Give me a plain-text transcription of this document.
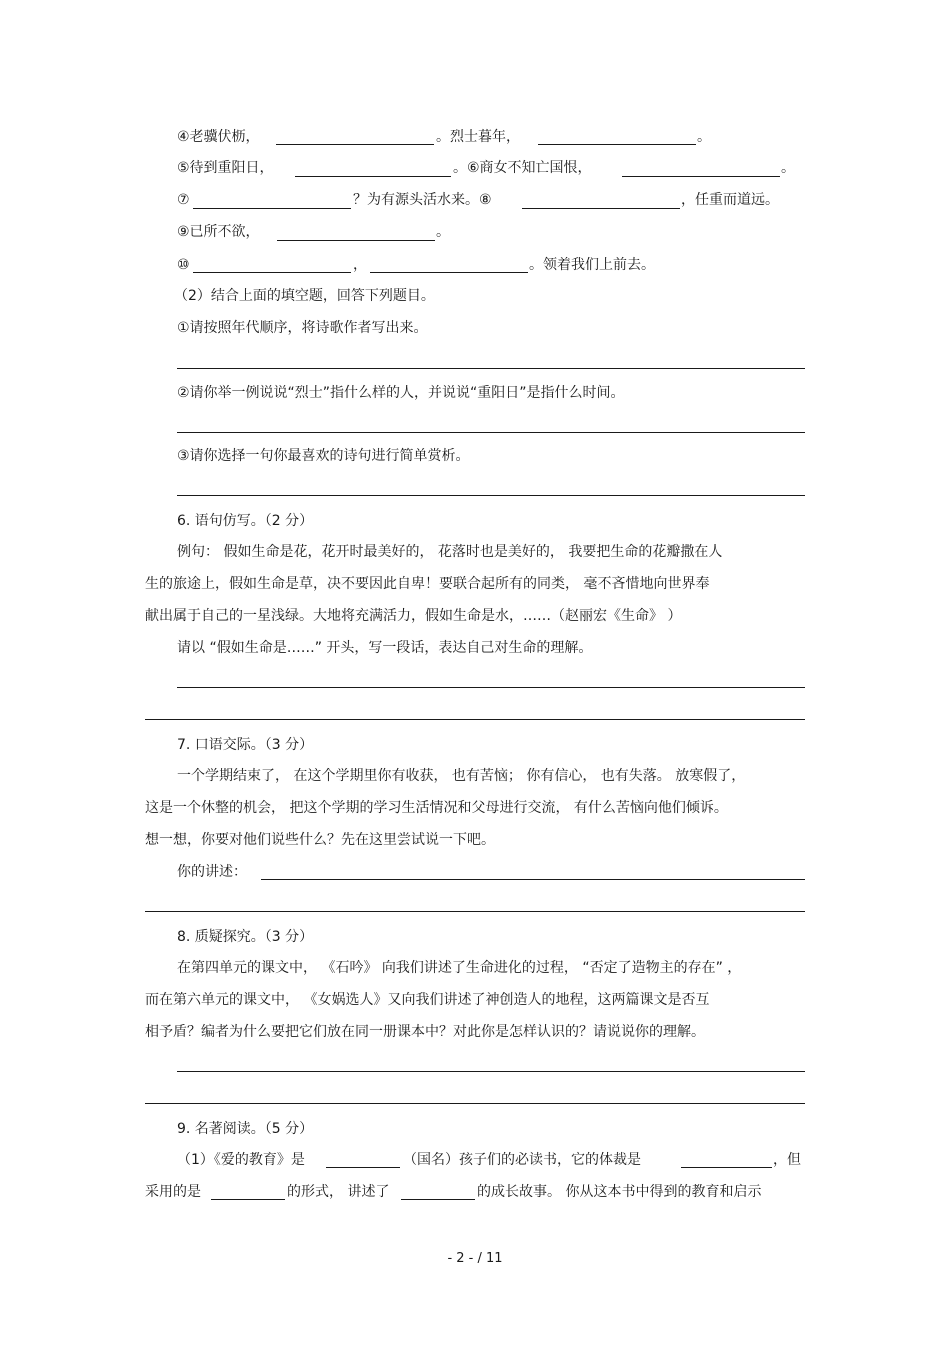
④老骥伏枥，	。烈士暮年，	。
⑤待到重阳日，	。⑥商女不知亡国恨，	。
⑦	？为有源头活水来。⑧	，任重而道远。
⑨已所不欲，	。
⑩	，	。领着我们上前去。
（2）结合上面的填空题，回答下列题目。
①请按照年代顺序，将诗歌作者写出来。
②请你举一例说说“烈士”指什么样的人，并说说“重阳日”是指什么时间。
③请你选择一句你最喜欢的诗句进行简单赏析。
6. 语句仿写。（2 分）
例句： 假如生命是花，花开时最美好的， 花落时也是美好的， 我要把生命的花瓣撒在人
生的旅途上，假如生命是草，决不要因此自卑！要联合起所有的同类， 毫不吝惜地向世界奉
献出属于自己的一星浅绿。大地将充满活力，假如生命是水，……（赵丽宏《生命》 ）
请以 “假如生命是……” 开头，写一段话，表达自己对生命的理解。
7. 口语交际。（3 分）
一个学期结束了， 在这个学期里你有收获， 也有苦恼； 你有信心， 也有失落。 放寒假了，
这是一个休整的机会， 把这个学期的学习生活情况和父母进行交流， 有什么苦恼向他们倾诉。
想一想，你要对他们说些什么？先在这里尝试说一下吧。
你的讲述：
8. 质疑探究。（3 分）
在第四单元的课文中， 《石吟》 向我们讲述了生命进化的过程， “否定了造物主的存在” ，
而在第六单元的课文中， 《女娲选人》又向我们讲述了神创造人的地程，这两篇课文是否互
相予盾？编者为什么要把它们放在同一册课本中？对此你是怎样认识的？请说说你的理解。
9. 名著阅读。（5 分）
（1）《爱的教育》是	（国名）孩子们的必读书，它的体裁是	，但
采用的是	的形式， 讲述了	的成长故事。 你从这本书中得到的教育和启示
- 2 - / 11
